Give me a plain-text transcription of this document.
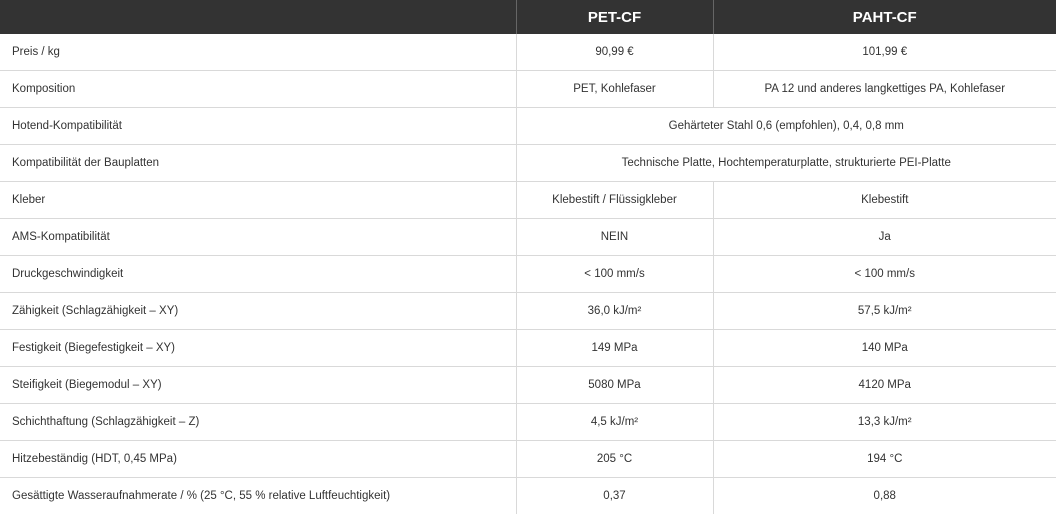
	PET-CF	PAHT-CF
Preis / kg	90,99 €	101,99 €
Komposition	PET, Kohlefaser	PA 12 und anderes langkettiges PA, Kohlefaser
Hotend-Kompatibilität	Gehärteter Stahl 0,6 (empfohlen), 0,4, 0,8 mm	
Kompatibilität der Bauplatten	Technische Platte, Hochtemperaturplatte, strukturierte PEI-Platte	
Kleber	Klebestift / Flüssigkleber	Klebestift
AMS-Kompatibilität	NEIN	Ja
Druckgeschwindigkeit	< 100 mm/s	< 100 mm/s
Zähigkeit (Schlagzähigkeit – XY)	36,0 kJ/m²	57,5 kJ/m²
Festigkeit (Biegefestigkeit – XY)	149 MPa	140 MPa
Steifigkeit (Biegemodul – XY)	5080 MPa	4120 MPa
Schichthaftung (Schlagzähigkeit – Z)	4,5 kJ/m²	13,3 kJ/m²
Hitzebeständig (HDT, 0,45 MPa)	205 °C	194 °C
Gesättigte Wasseraufnahmerate / % (25 °C, 55 % relative Luftfeuchtigkeit)	0,37	0,88
